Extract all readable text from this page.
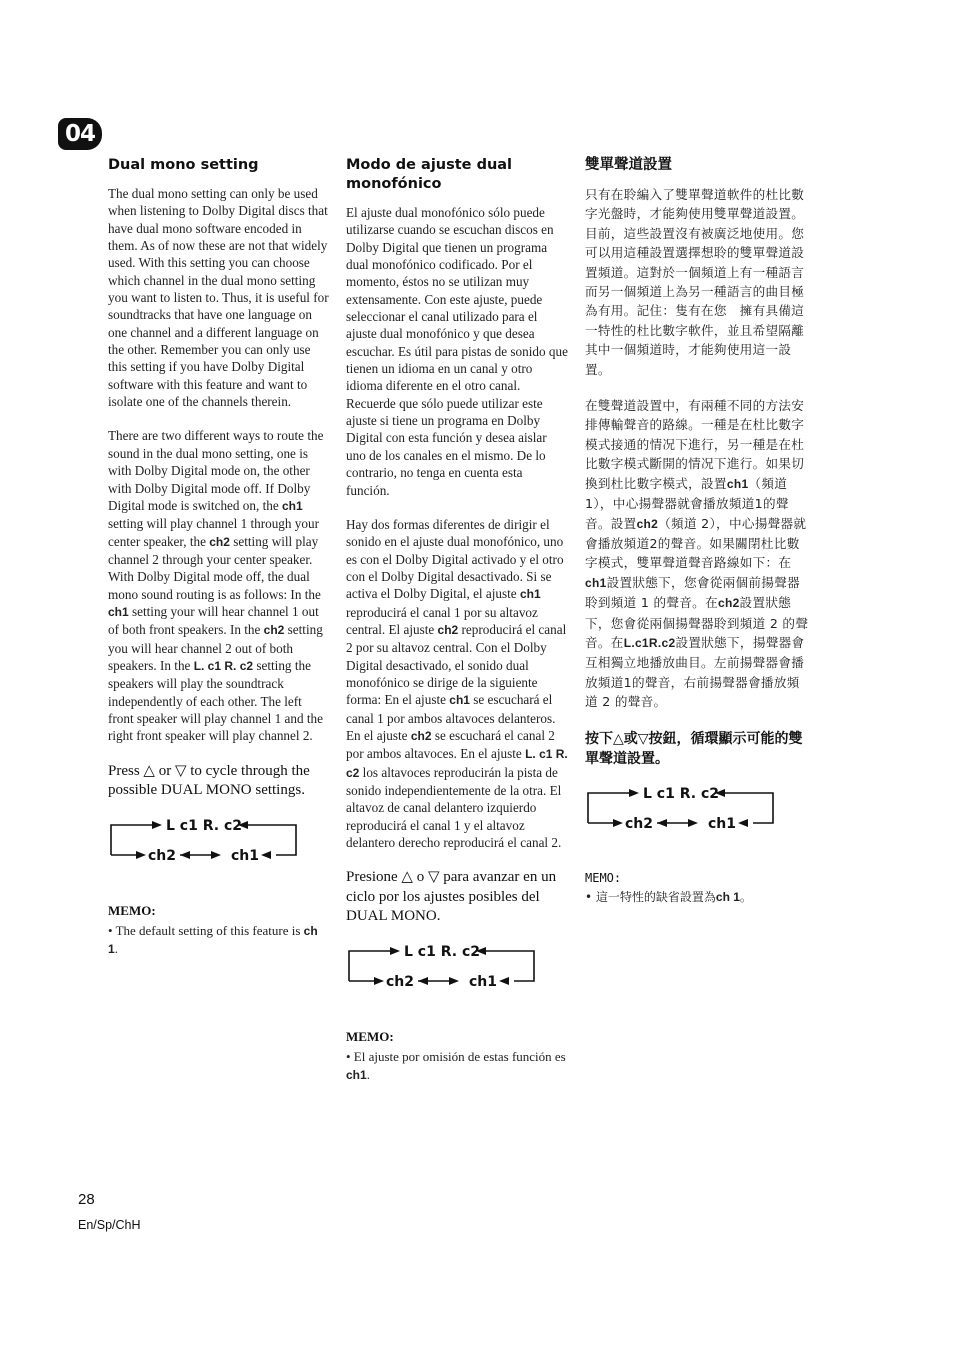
04
Dual mono setting

The dual mono setting can only be used when listening to Dolby Digital discs that have dual mono software encoded in them. As of now these are not that widely used. With this setting you can choose which channel in the dual mono setting you want to listen to. Thus, it is useful for soundtracks that have one language on one channel and a different language on the other. Remember you can only use this setting if you have Dolby Digital software with this feature and want to isolate one of the channels therein.

There are two different ways to route the sound in the dual mono setting, one is with Dolby Digital mode on, the other with Dolby Digital mode off. If Dolby Digital mode is switched on, the ch1 setting will play channel 1 through your center speaker, the ch2 setting will play channel 2 through your center speaker. With Dolby Digital mode off, the dual mono sound routing is as follows: In the ch1 setting your will hear channel 1 out of both front speakers. In the ch2 setting you will hear channel 2 out of both speakers. In the L. c1 R. c2 setting the speakers will play the soundtrack independently of each other. The left front speaker will play channel 1 and the right front speaker will play channel 2.

Press △ or ▽ to cycle through the possible DUAL MONO settings.
L c1 R. c2
ch2	ch1
MEMO:

• The default setting of this feature is ch 1.

Modo de ajuste dual monofónico

El ajuste dual monofónico sólo puede utilizarse cuando se escuchan discos en Dolby Digital que tienen un programa dual monofónico codificado. Por el momento, éstos no se utilizan muy extensamente. Con este ajuste, puede seleccionar el canal utilizado para el ajuste dual monofónico y que desea escuchar. Es útil para pistas de sonido que tienen un idioma en un canal y otro idioma diferente en el otro canal. Recuerde que sólo puede utilizar este ajuste si tiene un programa en Dolby Digital con esta función y desea aislar uno de los canales en el mismo. De lo contrario, no tenga en cuenta esta función.

Hay dos formas diferentes de dirigir el sonido en el ajuste dual monofónico, uno es con el Dolby Digital activado y el otro con el Dolby Digital desactivado. Si se activa el Dolby Digital, el ajuste ch1 reproducirá el canal 1 por su altavoz central. El ajuste ch2 reproducirá el canal 2 por su altavoz central. Con el Dolby Digital desactivado, el sonido dual monofónico se dirige de la siguiente forma: En el ajuste ch1 se escuchará el canal 1 por ambos altavoces delanteros. En el ajuste ch2 se escuchará el canal 2 por ambos altavoces. En el ajuste L. c1 R. c2 los altavoces reproducirán la pista de sonido independientemente de la otra. El altavoz de canal delantero izquierdo reproducirá el canal 1 y el altavoz delantero derecho reproducirá el canal 2.

Presione △ o ▽ para avanzar en un ciclo por los ajustes posibles del DUAL MONO.
L c1 R. c2
ch2	ch1
MEMO:

• El ajuste por omisión de estas función es ch1.

雙單聲道設置

只有在聆編入了雙單聲道軟件的杜比數字光盤時，才能夠使用雙單聲道設置。目前，這些設置沒有被廣泛地使用。您可以用這種設置選擇想聆的雙單聲道設置頻道。這對於一個頻道上有一種語言而另一個頻道上為另一種語言的曲目極為有用。記住：隻有在您　擁有具備這一特性的杜比數字軟件，並且希望隔離其中一個頻道時，才能夠使用這一設置。

在雙聲道設置中，有兩種不同的方法安排傳輸聲音的路線。一種是在杜比數字模式接通的情况下進行，另一種是在杜比數字模式斷開的情况下進行。如果切換到杜比數字模式，設置ch1（頻道 1），中心揚聲器就會播放頻道1的聲音。設置ch2（頻道 2），中心揚聲器就會播放頻道2的聲音。如果關閉杜比數字模式，雙單聲道聲音路線如下：在ch1設置狀態下，您會從兩個前揚聲器聆到頻道 1 的聲音。在ch2設置狀態下，您會從兩個揚聲器聆到頻道 2 的聲音。在L.c1R.c2設置狀態下，揚聲器會互相獨立地播放曲目。左前揚聲器會播放頻道1的聲音，右前揚聲器會播放頻道 2 的聲音。

按下△或▽按鈕，循環顯示可能的雙單聲道設置。
L c1 R. c2
ch2	ch1
MEMO:

• 這一特性的缺省設置為ch 1。

28
En/Sp/ChH
